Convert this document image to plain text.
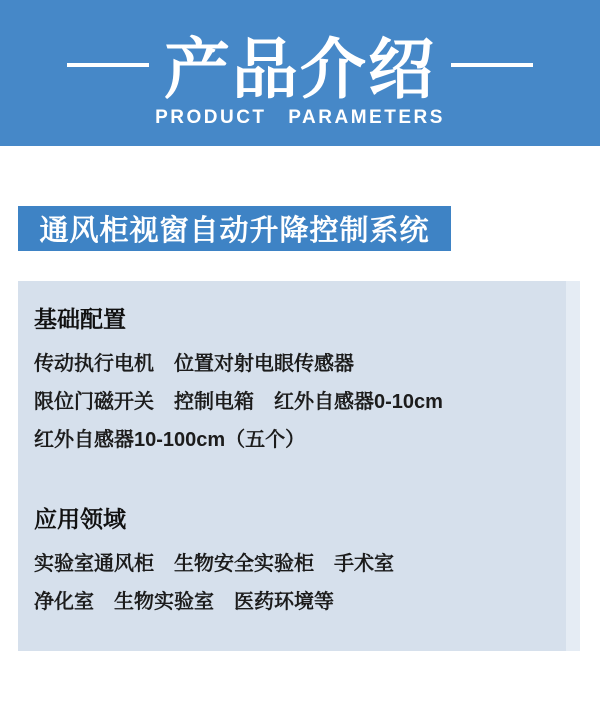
产品介绍
PRODUCT PARAMETERS
通风柜视窗自动升降控制系统
基础配置
传动执行电机　位置对射电眼传感器
限位门磁开关　控制电箱　红外自感器0-10cm
红外自感器10-100cm（五个）
应用领域
实验室通风柜　生物安全实验柜　手术室
净化室　生物实验室　医药环境等
